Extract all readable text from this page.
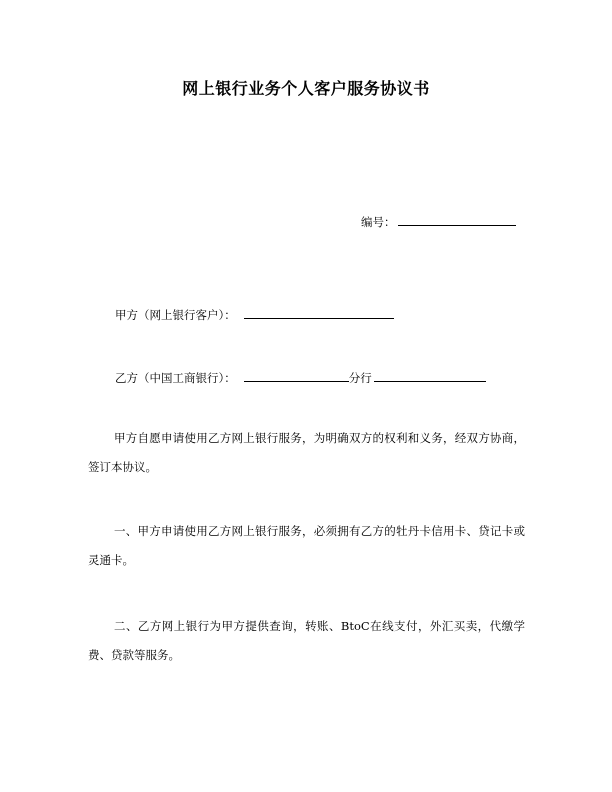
网上银行业务个人客户服务协议书
编号：
甲方（网上银行客户）：
乙方（中国工商银行）：	分行
甲方自愿申请使用乙方网上银行服务，为明确双方的权利和义务，经双方协商，签订本协议。
一、甲方申请使用乙方网上银行服务，必须拥有乙方的牡丹卡信用卡、贷记卡或灵通卡。
二、乙方网上银行为甲方提供查询，转账、BtoC在线支付，外汇买卖，代缴学费、贷款等服务。
